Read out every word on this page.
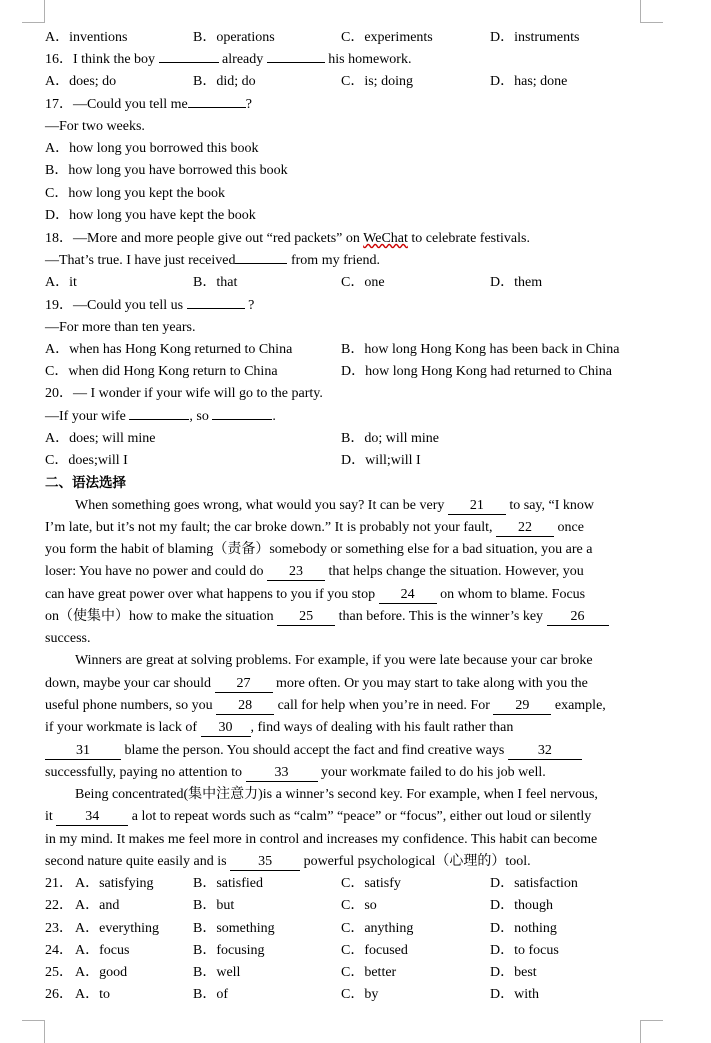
A．inventions	B．operations	C．experiments	D．instruments
16．I think the boy	already	his homework.
A．does; do	B．did; do	C．is; doing	D．has; done
17．—Could you tell me	?
—For two weeks.
A．how long you borrowed this book
B．how long you have borrowed this book
C．how long you kept the book
D．how long you have kept the book
18．—More and more people give out “red packets” on WeChat to celebrate festivals.
—That’s true. I have just received	from my friend.
A．it	B．that	C．one	D．them
19．—Could you tell us	?
—For more than ten years.
A．when has Hong Kong returned to China	B．how long Hong Kong has been back in China
C．when did Hong Kong return to China	D．how long Hong Kong had returned to China
20．— I wonder if your wife will go to the party.
—If your wife	, so	.
A．does; will mine	B．do; will mine
C．does;will I	D．will;will I
二、语法选择
When something goes wrong, what would you say? It can be very 21 to say, “I know
I’m late, but it’s not my fault; the car broke down.” It is probably not your fault, 22 once
you form the habit of blaming（责备）somebody or something else for a bad situation, you are a
loser: You have no power and could do 23 that helps change the situation. However, you
can have great power over what happens to you if you stop 24 on whom to blame. Focus
on（使集中）how to make the situation 25 than before. This is the winner’s key 26
success.
Winners are great at solving problems. For example, if you were late because your car broke
down, maybe your car should 27 more often. Or you may start to take along with you the
useful phone numbers, so you 28 call for help when you’re in need. For 29 example,
if your workmate is lack of 30 , find ways of dealing with his fault rather than
31 blame the person. You should accept the fact and find creative ways 32
successfully, paying no attention to 33 your workmate failed to do his job well.
Being concentrated(集中注意力)is a winner’s second key. For example, when I feel nervous,
it 34 a lot to repeat words such as “calm” “peace” or “focus”, either out loud or silently
in my mind. It makes me feel more in control and increases my confidence. This habit can become
second nature quite easily and is 35 powerful psychological（心理的）tool.
21． A．satisfying	B．satisfied	C．satisfy	D．satisfaction
22． A．and	B．but	C．so	D．though
23． A．everything B．something	C．anything	D．nothing
24． A．focus	B．focusing	C．focused	D．to focus
25． A．good	B．well	C．better	D．best
26． A．to	B．of	C．by	D．with
